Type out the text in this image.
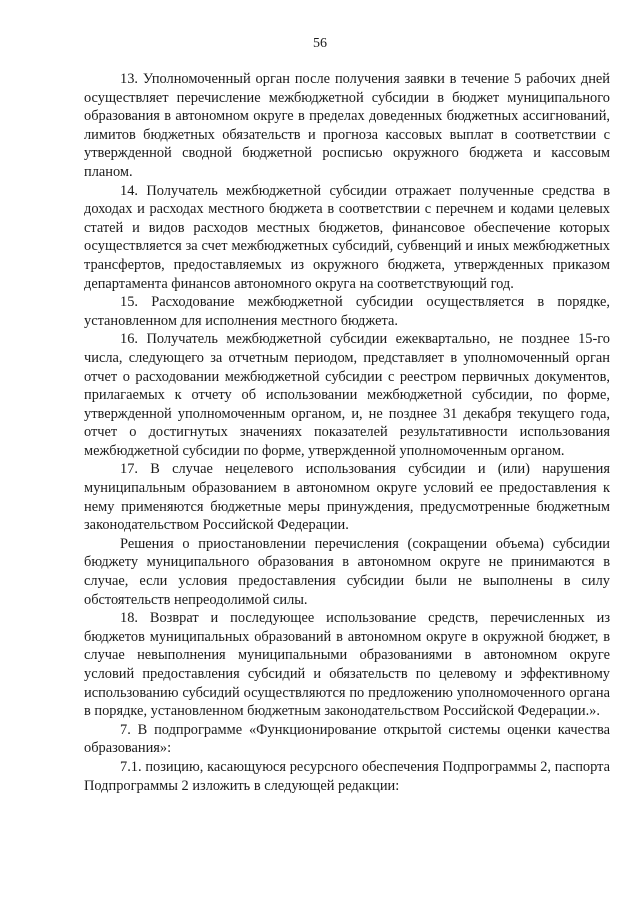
56

13. Уполномоченный орган после получения заявки в течение 5 рабочих дней осуществляет перечисление межбюджетной субсидии в бюджет муниципального образования в автономном округе в пределах доведенных бюджетных ассигнований, лимитов бюджетных обязательств и прогноза кассовых выплат в соответствии с утвержденной сводной бюджетной росписью окружного бюджета и кассовым планом.

14. Получатель межбюджетной субсидии отражает полученные средства в доходах и расходах местного бюджета в соответствии с перечнем и кодами целевых статей и видов расходов местных бюджетов, финансовое обеспечение которых осуществляется за счет межбюджетных субсидий, субвенций и иных межбюджетных трансфертов, предоставляемых из окружного бюджета, утвержденных приказом департамента финансов автономного округа на соответствующий год.

15. Расходование межбюджетной субсидии осуществляется в порядке, установленном для исполнения местного бюджета.

16. Получатель межбюджетной субсидии ежеквартально, не позднее 15-го числа, следующего за отчетным периодом, представляет в уполномоченный орган отчет о расходовании межбюджетной субсидии с реестром первичных документов, прилагаемых к отчету об использовании межбюджетной субсидии, по форме, утвержденной уполномоченным органом, и, не позднее 31 декабря текущего года, отчет о достигнутых значениях показателей результативности использования межбюджетной субсидии по форме, утвержденной уполномоченным органом.

17. В случае нецелевого использования субсидии и (или) нарушения муниципальным образованием в автономном округе условий ее предоставления к нему применяются бюджетные меры принуждения, предусмотренные бюджетным законодательством Российской Федерации.

Решения о приостановлении перечисления (сокращении объема) субсидии бюджету муниципального образования в автономном округе не принимаются в случае, если условия предоставления субсидии были не выполнены в силу обстоятельств непреодолимой силы.

18. Возврат и последующее использование средств, перечисленных из бюджетов муниципальных образований в автономном округе в окружной бюджет, в случае невыполнения муниципальными образованиями в автономном округе условий предоставления субсидий и обязательств по целевому и эффективному использованию субсидий осуществляются по предложению уполномоченного органа в порядке, установленном бюджетным законодательством Российской Федерации.».

7. В подпрограмме «Функционирование открытой системы оценки качества образования»:

7.1. позицию, касающуюся ресурсного обеспечения Подпрограммы 2, паспорта Подпрограммы 2 изложить в следующей редакции:
